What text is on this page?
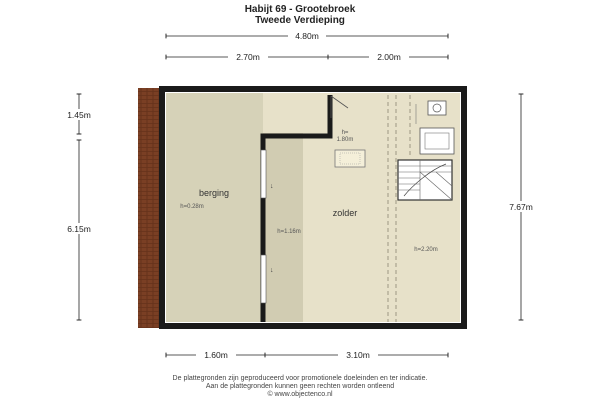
Habijt 69 - Grootebroek
Tweede Verdieping
↓
↓
berging
h=0.28m
zolder
h=1.16m
h=
1.80m
h=2.20m
4.80m
2.70m	2.00m
1.45m
6.15m
7.67m
1.60m	3.10m
De plattegronden zijn geproduceerd voor promotionele doeleinden en ter indicatie.
Aan de plattegronden kunnen geen rechten worden ontleend
© www.objectenco.nl
